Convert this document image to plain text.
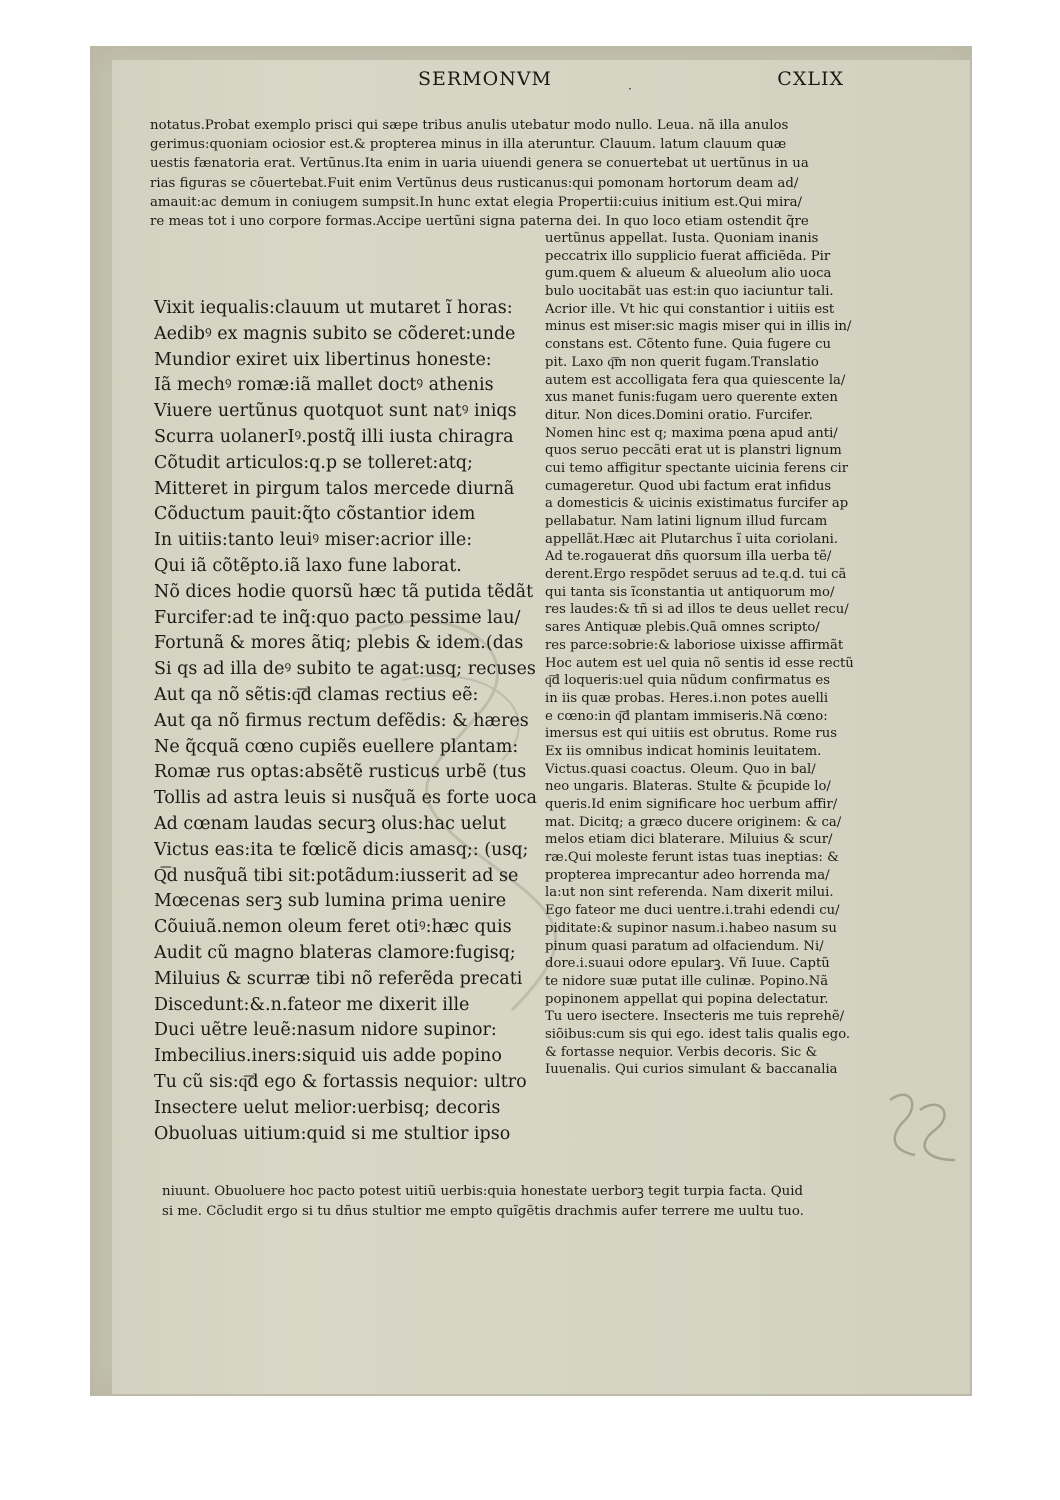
SERMONVM	·	CXLIX
notatus.Probat exemplo prisci qui sæpe tribus anulis utebatur modo nullo. Leua. nã illa anulos
gerimus:quoniam ociosior est.& propterea minus in illa ateruntur. Clauum. latum clauum quæ
uestis fænatoria erat. Vertũnus.Ita enim in uaria uiuendi genera se conuertebat ut uertũnus in ua
rias figuras se cõuertebat.Fuit enim Vertũnus deus rusticanus:qui pomonam hortorum deam ad/
amauit:ac demum in coniugem sumpsit.In hunc extat elegia Propertii:cuius initium est.Qui mira/
re meas tot i uno corpore formas.Accipe uertũni signa paterna dei. In quo loco etiam ostendit q̃re
Vixit iequalis:clauum ut mutaret ĩ horas:
Aedibꝰ ex magnis subito se cõderet:unde
Mundior exiret uix libertinus honeste:
Iã mechꝰ romæ:iã mallet doctꝰ athenis
Viuere uertũnus quotquot sunt natꝰ iniqs
Scurra uolanerIꝰ.postq̃ illi iusta chiragra
Cõtudit articulos:q.p se tolleret:atq;
Mitteret in pirgum talos mercede diurnã
Cõductum pauit:q̃to cõstantior idem
In uitiis:tanto leuiꝰ miser:acrior ille:
Qui iã cõtẽpto.iã laxo fune laborat.
Nõ dices hodie quorsũ hæc tã putida tẽdãt
Furcifer:ad te inq̃:quo pacto pessime lau/
Fortunã & mores ãtiq; plebis & idem.(das
Si qs ad illa deꝰ subito te agat:usq; recuses
Aut qa nõ sẽtis:q͞d clamas rectius eẽ:
Aut qa nõ firmus rectum defẽdis: & hæres
Ne q̃cquã cœno cupiẽs euellere plantam:
Romæ rus optas:absẽtẽ rusticus urbẽ (tus
Tollis ad astra leuis si nusq̃uã es forte uoca
Ad cœnam laudas securꝫ olus:hac uelut
Victus eas:ita te fœlicẽ dicis amasq;: (usq;
Q͞d nusq̃uã tibi sit:potãdum:iusserit ad se
Mœcenas serꝫ sub lumina prima uenire
Cõuiuã.nemon oleum feret otiꝰ:hæc quis
Audit cũ magno blateras clamore:fugisq;
Miluius & scurræ tibi nõ referẽda precati
Discedunt:&.n.fateor me dixerit ille
Duci uẽtre leuẽ:nasum nidore supinor:
Imbecilius.iners:siquid uis adde popino
Tu cũ sis:q͞d ego & fortassis nequior: ultro
Insectere uelut melior:uerbisq; decoris
Obuoluas uitium:quid si me stultior ipso
uertũnus appellat. Iusta. Quoniam inanis
peccatrix illo supplicio fuerat afficiẽda. Pir
gum.quem & alueum & alueolum alio uoca
bulo uocitabãt uas est:in quo iaciuntur tali.
Acrior ille. Vt hic qui constantior i uitiis est
minus est miser:sic magis miser qui in illis in/
constans est. Cõtento fune. Quia fugere cu
pit. Laxo q͞m non querit fugam.Translatio
autem est accolligata fera qua quiescente la/
xus manet funis:fugam uero querente exten
ditur. Non dices.Domini oratio. Furcifer.
Nomen hinc est q; maxima pœna apud anti/
quos seruo peccãti erat ut is planstri lignum
cui temo affigitur spectante uicinia ferens cir
cumageretur. Quod ubi factum erat infidus
a domesticis & uicinis existimatus furcifer ap
pellabatur. Nam latini lignum illud furcam
appellãt.Hæc ait Plutarchus ĩ uita coriolani.
Ad te.rogauerat dñs quorsum illa uerba tẽ/
derent.Ergo respõdet seruus ad te.q.d. tui cã
qui tanta sis ĩconstantia ut antiquorum mo/
res laudes:& tñ si ad illos te deus uellet recu/
sares Antiquæ plebis.Quã omnes scripto/
res parce:sobrie:& laboriose uixisse affirmãt
Hoc autem est uel quia nõ sentis id esse rectũ
q͞d loqueris:uel quia nũdum confirmatus es
in iis quæ probas. Heres.i.non potes auelli
e cœno:in q͞d plantam immiseris.Nã cœno:
imersus est qui uitiis est obrutus. Rome rus
Ex iis omnibus indicat hominis leuitatem.
Victus.quasi coactus. Oleum. Quo in bal/
neo ungaris. Blateras. Stulte & p̃cupide lo/
queris.Id enim significare hoc uerbum affir/
mat. Dicitq; a græco ducere originem: & ca/
melos etiam dici blaterare. Miluius & scur/
ræ.Qui moleste ferunt istas tuas ineptias: &
propterea imprecantur adeo horrenda ma/
la:ut non sint referenda. Nam dixerit milui.
Ego fateor me duci uentre.i.trahi edendi cu/
piditate:& supinor nasum.i.habeo nasum su
pinum quasi paratum ad olfaciendum. Ni/
dore.i.suaui odore epularꝫ. Vñ Iuue. Captũ
te nidore suæ putat ille culinæ. Popino.Nã
popinonem appellat qui popina delectatur.
Tu uero isectere. Insecteris me tuis reprehẽ/
siõibus:cum sis qui ego. idest talis qualis ego.
& fortasse nequior. Verbis decoris. Sic &
Iuuenalis. Qui curios simulant & baccanalia
niuunt. Obuoluere hoc pacto potest uitiũ uerbis:quia honestate uerborꝫ tegit turpia facta. Quid
si me. Cõcludit ergo si tu dñus stultior me empto quĩgẽtis drachmis aufer terrere me uultu tuo.
